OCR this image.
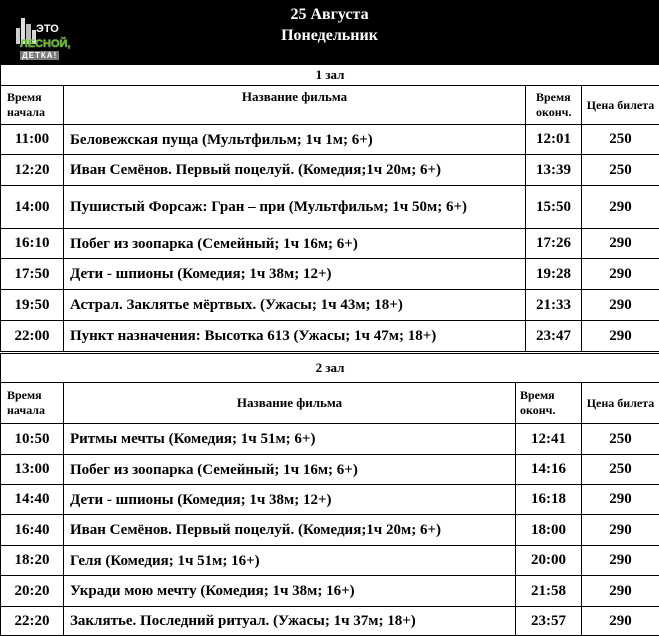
ЭТО
ЛЕСНОЙ,
ДЕТКА!
25 Августа
Понедельник
1 зал			
Время начала	Название фильма	Время оконч.	Цена билета
11:00	Беловежская пуща (Мультфильм; 1ч 1м; 6+)	12:01	250
12:20	Иван Семёнов. Первый поцелуй. (Комедия;1ч 20м; 6+)	13:39	250
14:00	Пушистый Форсаж: Гран – при (Мультфильм; 1ч 50м; 6+)	15:50	290
16:10	Побег из зоопарка (Семейный; 1ч 16м; 6+)	17:26	290
17:50	Дети - шпионы (Комедия; 1ч 38м; 12+)	19:28	290
19:50	Астрал. Заклятье мёртвых. (Ужасы; 1ч 43м; 18+)	21:33	290
22:00	Пункт назначения: Высотка 613 (Ужасы; 1ч 47м; 18+)	23:47	290
2 зал			
Время начала	Название фильма	Время оконч.	Цена билета
10:50	Ритмы мечты (Комедия; 1ч 51м; 6+)	12:41	250
13:00	Побег из зоопарка (Семейный; 1ч 16м; 6+)	14:16	250
14:40	Дети - шпионы (Комедия; 1ч 38м; 12+)	16:18	290
16:40	Иван Семёнов. Первый поцелуй. (Комедия;1ч 20м; 6+)	18:00	290
18:20	Геля (Комедия; 1ч 51м; 16+)	20:00	290
20:20	Укради мою мечту (Комедия; 1ч 38м; 16+)	21:58	290
22:20	Заклятье. Последний ритуал. (Ужасы; 1ч 37м; 18+)	23:57	290
